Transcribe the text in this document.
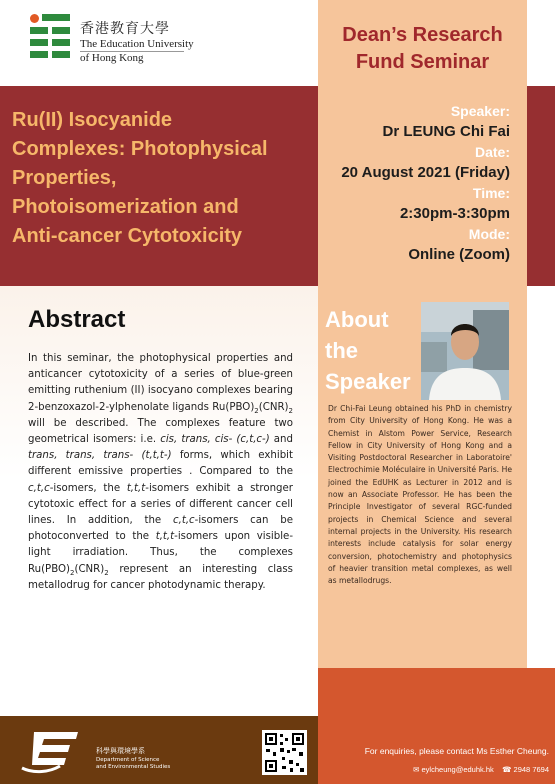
香港教育大學
The Education University
of Hong Kong
Dean’s Research
Fund Seminar
Ru(II) Isocyanide
Complexes: Photophysical
Properties,
Photoisomerization and
Anti-cancer Cytotoxicity
Speaker:
Dr LEUNG Chi Fai
Date:
20 August 2021 (Friday)
Time:
2:30pm-3:30pm
Mode:
Online (Zoom)
Abstract
In this seminar, the photophysical properties and anticancer cytotoxicity of a series of blue-green emitting ruthenium (II) isocyano complexes bearing 2-benzoxazol-2-ylphenolate ligands $Ru(PBO)_2(CNR)_2$ will be described. The complexes feature two geometrical isomers: i.e. cis, trans, cis- (c,t,c-) and trans, trans, trans- (t,t,t-) forms, which exhibit different emissive properties . Compared to the c,t,c-isomers, the t,t,t-isomers exhibit a stronger cytotoxic effect for a series of different cancer cell lines. In addition, the c,t,c-isomers can be photoconverted to the t,t,t-isomers upon visible-light irradiation. Thus, the complexes $Ru(PBO)_2(CNR)_2$ represent an interesting class metallodrug for cancer photodynamic therapy.
About
the
Speaker
Dr Chi-Fai Leung obtained his PhD in chemistry from City University of Hong Kong. He was a Chemist in Alstom Power Service, Research Fellow in City University of Hong Kong and a Visiting Postdoctoral Researcher in Laboratoire' Electrochimie Moléculaire in Université Paris. He joined the EdUHK as Lecturer in 2012 and is now an Associate Professor. He has been the Principle Investigator of several RGC-funded projects in Chemical Science and several internal projects in the University. His research interests include catalysis for solar energy conversion, photochemistry and photophysics of heavier transition metal complexes, as well as metallodrugs.
科學與環境學系
Department of Science
and Environmental Studies
For enquiries, please contact Ms Esther Cheung.
✉ eylcheung@eduhk.hk ☎ 2948 7694
